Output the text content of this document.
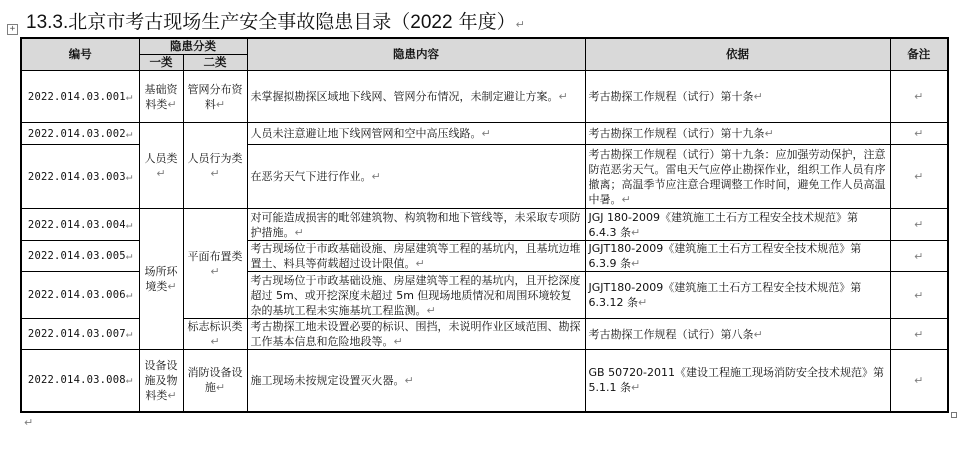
+ 13.3.北京市考古现场生产安全事故隐患目录（2022 年度）↵
编号	隐患分类		隐患内容	依据	备注
	一类	二类			
2022.014.03.001↵	基础资料类↵	管网分布资料↵	未掌握拟勘探区域地下线网、管网分布情况，未制定避让方案。↵	考古勘探工作规程（试行）第十条↵	↵
2022.014.03.002↵	人员类↵	人员行为类↵	人员未注意避让地下线网管网和空中高压线路。↵	考古勘探工作规程（试行）第十九条↵	↵
2022.014.03.003↵			在恶劣天气下进行作业。↵	考古勘探工作规程（试行）第十九条：应加强劳动保护，注意防范恶劣天气。雷电天气应停止勘探作业，组织工作人员有序撤离；高温季节应注意合理调整工作时间，避免工作人员高温中暑。↵	↵
2022.014.03.004↵	场所环境类↵	平面布置类↵	对可能造成损害的毗邻建筑物、构筑物和地下管线等，未采取专项防护措施。↵	JGJ 180-2009《建筑施工土石方工程安全技术规范》第 6.4.3 条↵	↵
2022.014.03.005↵			考古现场位于市政基础设施、房屋建筑等工程的基坑内，且基坑边堆置土、料具等荷载超过设计限值。↵	JGJT180-2009《建筑施工土石方工程安全技术规范》第 6.3.9 条↵	↵
2022.014.03.006↵			考古现场位于市政基础设施、房屋建筑等工程的基坑内，且开挖深度超过 5m、或开挖深度未超过 5m 但现场地质情况和周围环境较复杂的基坑工程未实施基坑工程监测。↵	JGJT180-2009《建筑施工土石方工程安全技术规范》第 6.3.12 条↵	↵
2022.014.03.007↵		标志标识类↵	考古勘探工地未设置必要的标识、围挡，未说明作业区域范围、勘探工作基本信息和危险地段等。↵	考古勘探工作规程（试行）第八条↵	↵
2022.014.03.008↵	设备设施及物料类↵	消防设备设施↵	施工现场未按规定设置灭火器。↵	GB 50720-2011《建设工程施工现场消防安全技术规范》第 5.1.1 条↵	↵
↵
